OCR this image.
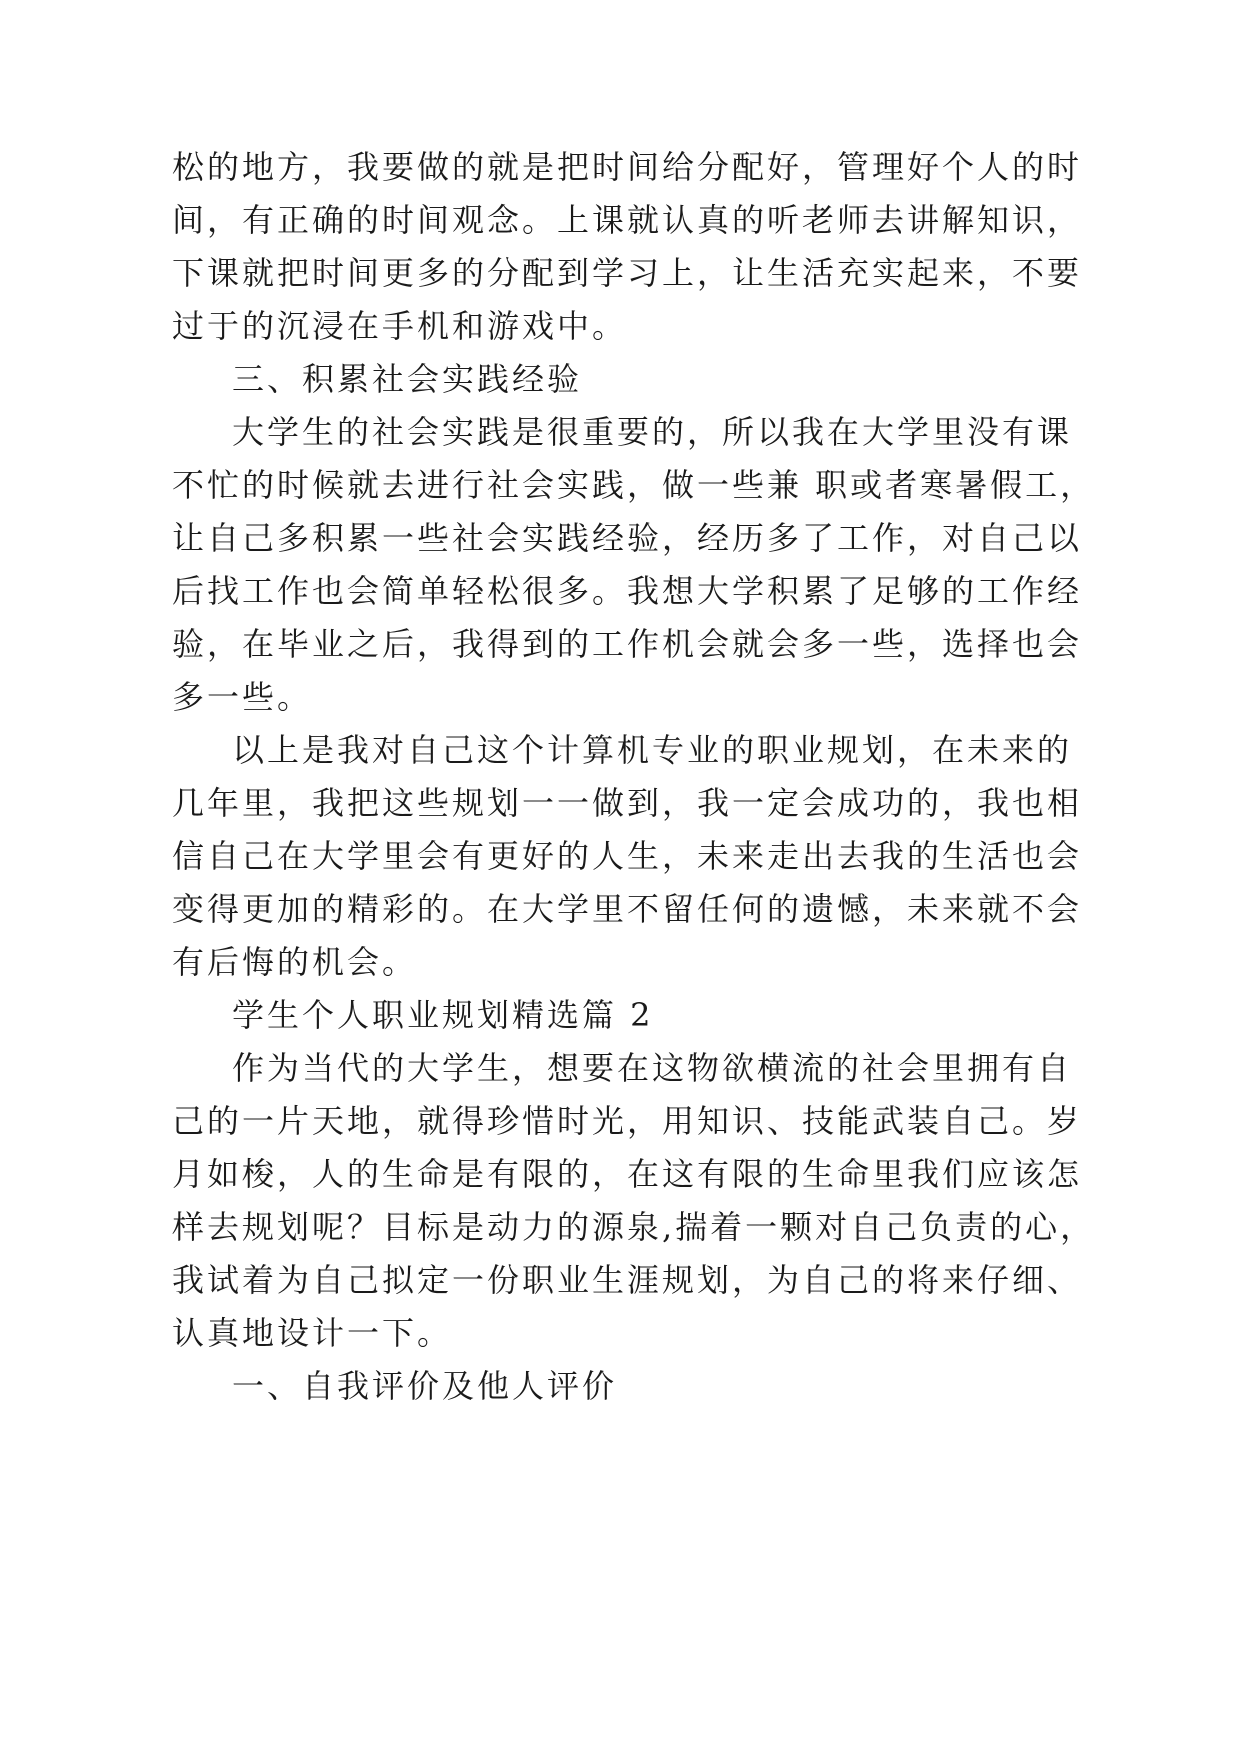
松的地方，我要做的就是把时间给分配好，管理好个人的时
间，有正确的时间观念。上课就认真的听老师去讲解知识，
下课就把时间更多的分配到学习上，让生活充实起来，不要
过于的沉浸在手机和游戏中。
三、积累社会实践经验
大学生的社会实践是很重要的，所以我在大学里没有课
不忙的时候就去进行社会实践，做一些兼 职或者寒暑假工，
让自己多积累一些社会实践经验，经历多了工作，对自己以
后找工作也会简单轻松很多。我想大学积累了足够的工作经
验，在毕业之后，我得到的工作机会就会多一些，选择也会
多一些。
以上是我对自己这个计算机专业的职业规划，在未来的
几年里，我把这些规划一一做到，我一定会成功的，我也相
信自己在大学里会有更好的人生，未来走出去我的生活也会
变得更加的精彩的。在大学里不留任何的遗憾，未来就不会
有后悔的机会。
学生个人职业规划精选篇 2
作为当代的大学生，想要在这物欲横流的社会里拥有自
己的一片天地，就得珍惜时光，用知识、技能武装自己。岁
月如梭，人的生命是有限的，在这有限的生命里我们应该怎
样去规划呢？目标是动力的源泉,揣着一颗对自己负责的心，
我试着为自己拟定一份职业生涯规划，为自己的将来仔细、
认真地设计一下。
一、自我评价及他人评价
